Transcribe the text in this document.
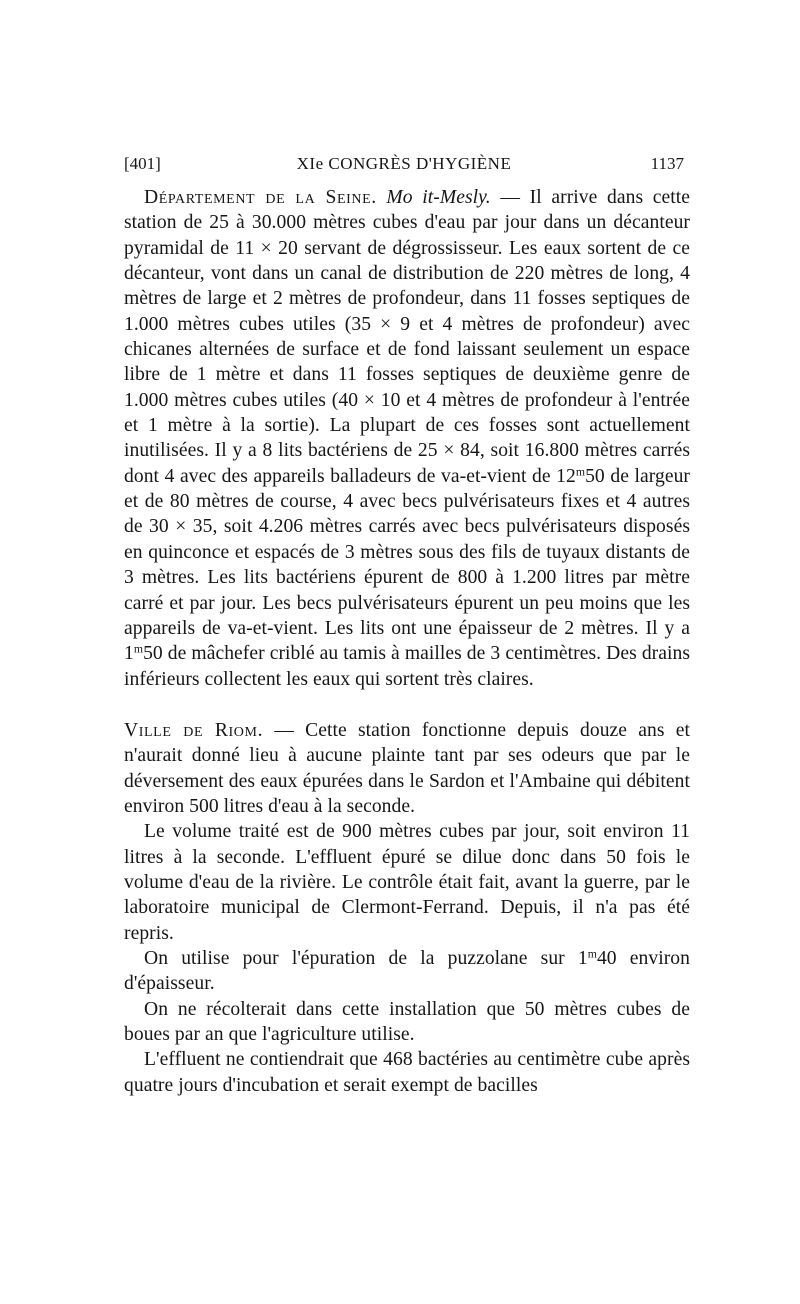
[401]	XIe CONGRÈS D'HYGIÈNE	1137

Département de la Seine. Mo it-Mesly. — Il arrive dans cette station de 25 à 30.000 mètres cubes d'eau par jour dans un décanteur pyramidal de 11 × 20 servant de dégrossisseur. Les eaux sortent de ce décanteur, vont dans un canal de distribution de 220 mètres de long, 4 mètres de large et 2 mètres de profondeur, dans 11 fosses septiques de 1.000 mètres cubes utiles (35 × 9 et 4 mètres de profondeur) avec chicanes alternées de surface et de fond laissant seulement un espace libre de 1 mètre et dans 11 fosses septiques de deuxième genre de 1.000 mètres cubes utiles (40 × 10 et 4 mètres de profondeur à l'entrée et 1 mètre à la sortie). La plupart de ces fosses sont actuellement inutilisées. Il y a 8 lits bactériens de 25 × 84, soit 16.800 mètres carrés dont 4 avec des appareils balladeurs de va-et-vient de 12$^m$50 de largeur et de 80 mètres de course, 4 avec becs pulvérisateurs fixes et 4 autres de 30 × 35, soit 4.206 mètres carrés avec becs pulvérisateurs disposés en quinconce et espacés de 3 mètres sous des fils de tuyaux distants de 3 mètres. Les lits bactériens épurent de 800 à 1.200 litres par mètre carré et par jour. Les becs pulvérisateurs épurent un peu moins que les appareils de va-et-vient. Les lits ont une épaisseur de 2 mètres. Il y a 1$^m$50 de mâchefer criblé au tamis à mailles de 3 centimètres. Des drains inférieurs collectent les eaux qui sortent très claires.

Ville de Riom. — Cette station fonctionne depuis douze ans et n'aurait donné lieu à aucune plainte tant par ses odeurs que par le déversement des eaux épurées dans le Sardon et l'Ambaine qui débitent environ 500 litres d'eau à la seconde.

Le volume traité est de 900 mètres cubes par jour, soit environ 11 litres à la seconde. L'effluent épuré se dilue donc dans 50 fois le volume d'eau de la rivière. Le contrôle était fait, avant la guerre, par le laboratoire municipal de Clermont-Ferrand. Depuis, il n'a pas été repris.

On utilise pour l'épuration de la puzzolane sur 1$^m$40 environ d'épaisseur.

On ne récolterait dans cette installation que 50 mètres cubes de boues par an que l'agriculture utilise.

L'effluent ne contiendrait que 468 bactéries au centimètre cube après quatre jours d'incubation et serait exempt de bacilles
